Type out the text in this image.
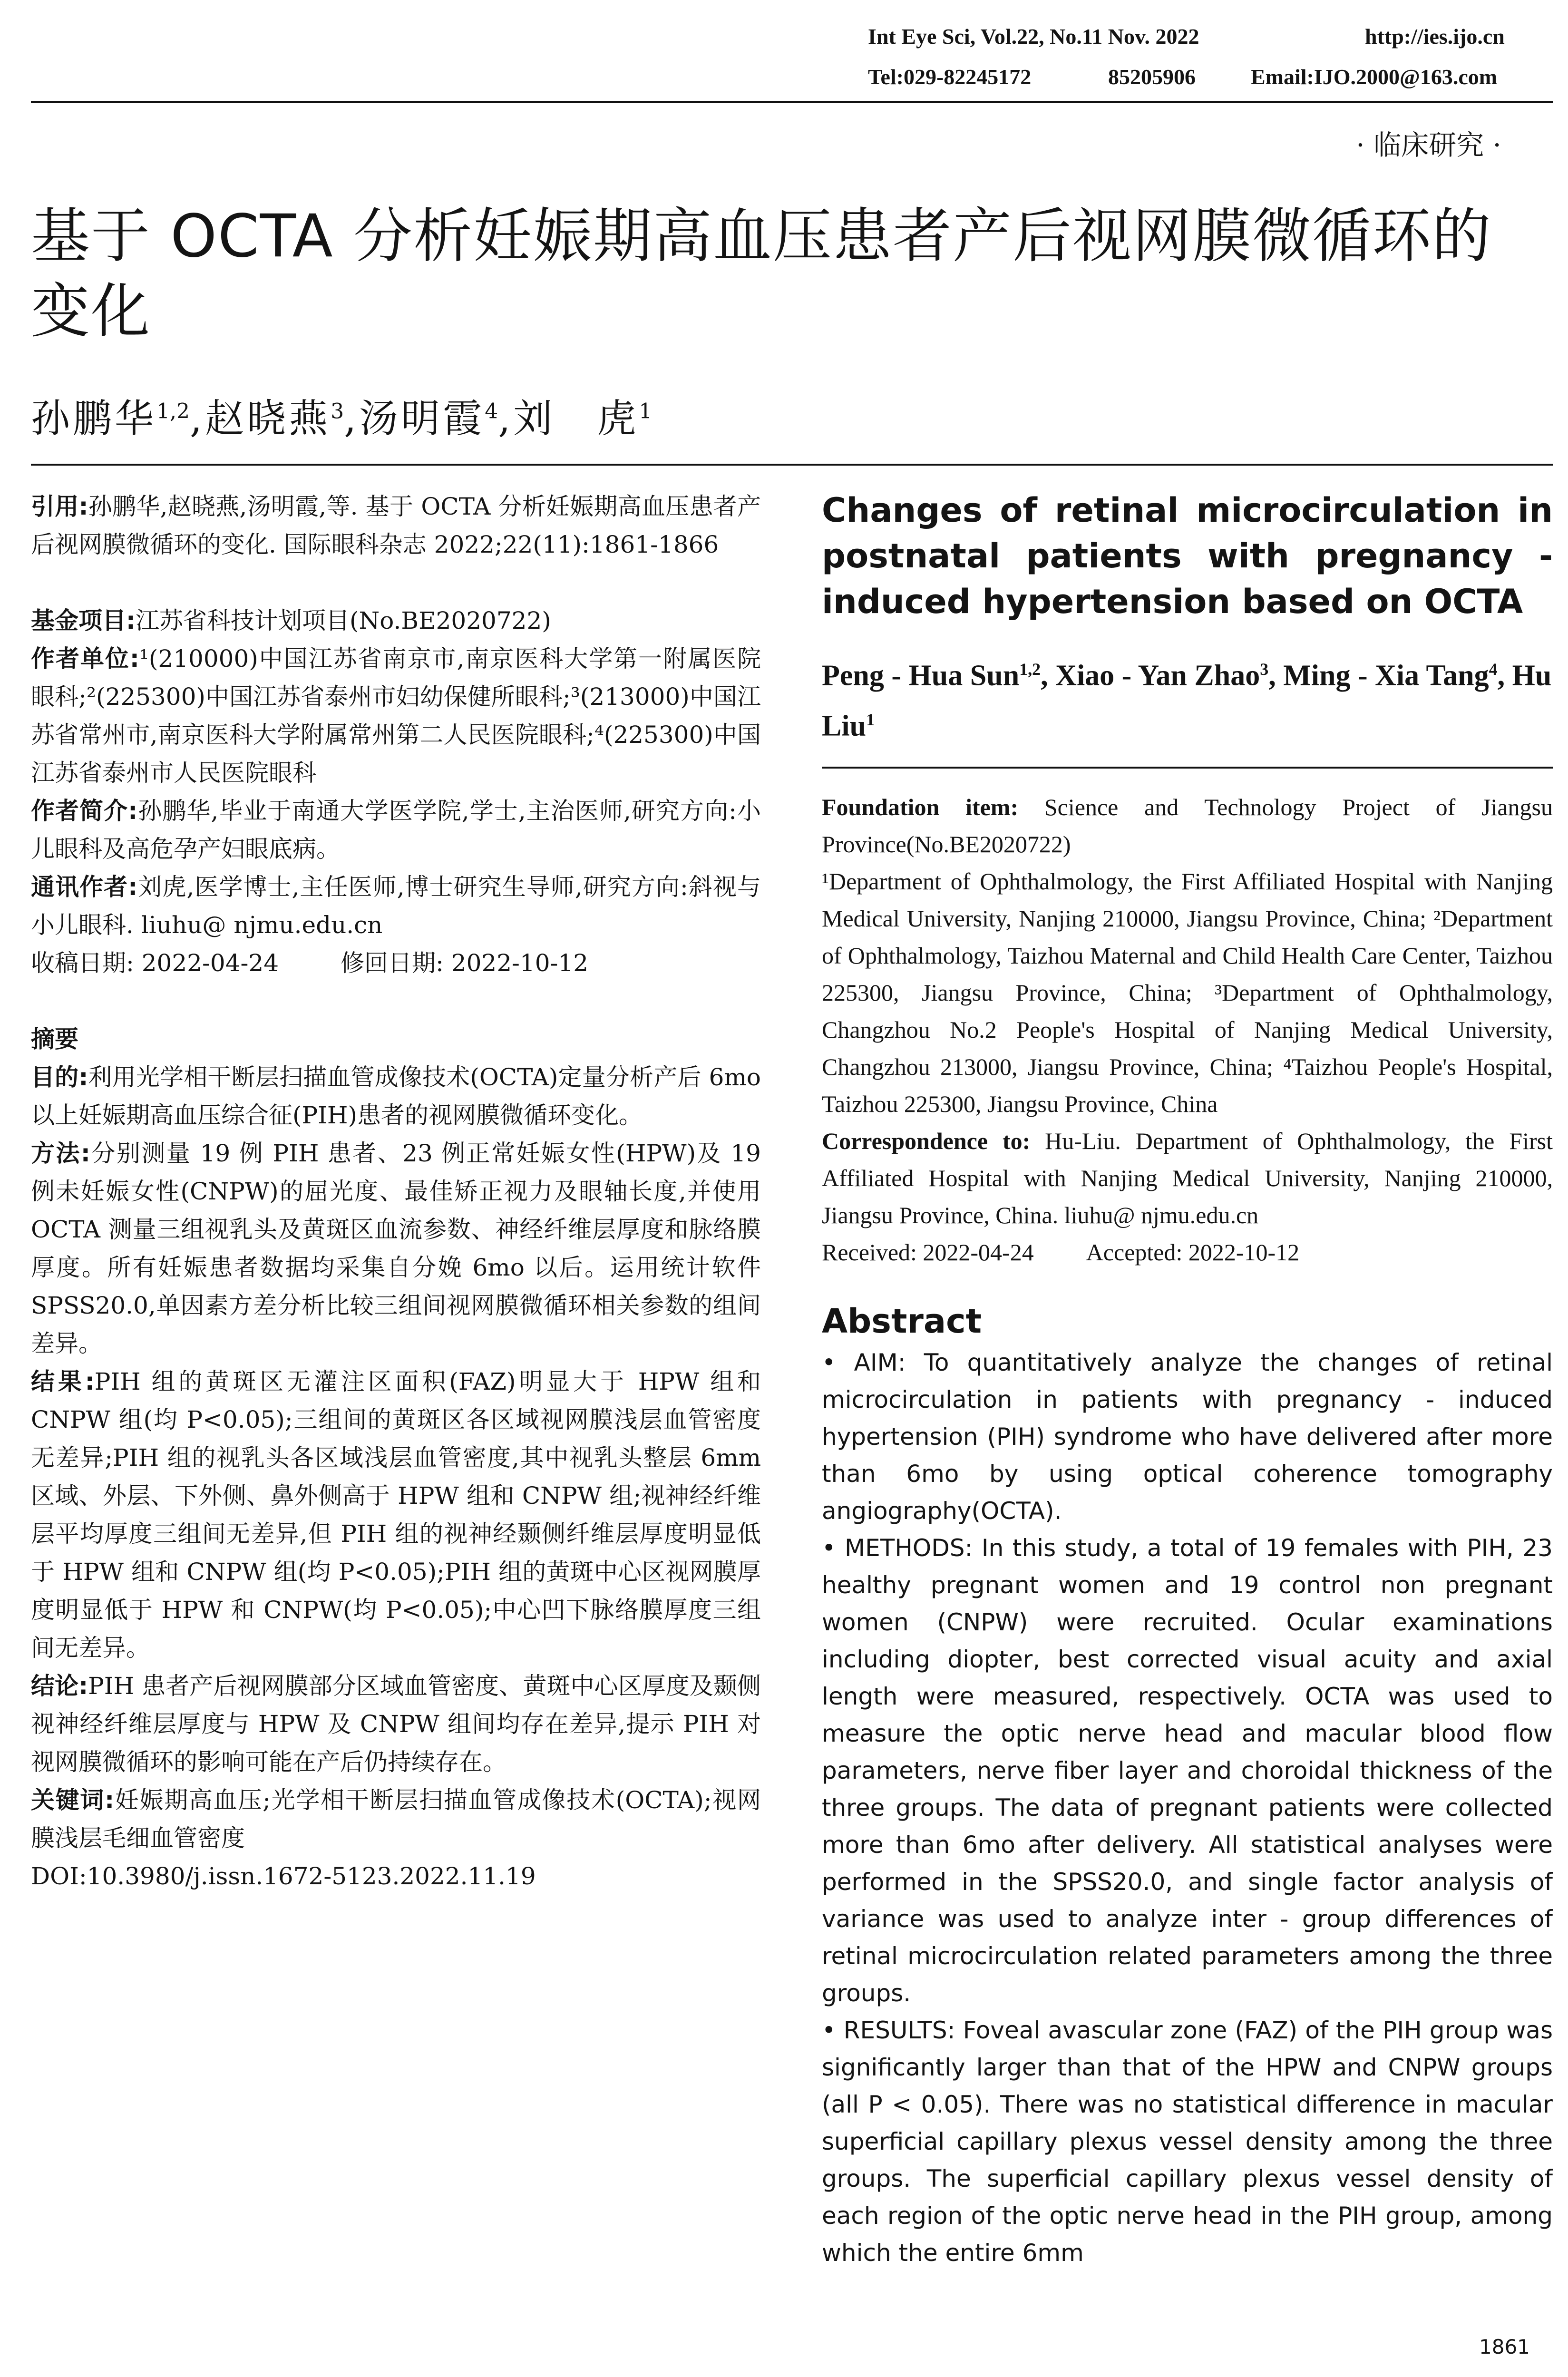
Int Eye Sci, Vol.22, No.11 Nov. 2022	http://ies.ijo.cn
Tel:029-82245172	85205906	Email:IJO.2000@163.com
· 临床研究 ·
基于 OCTA 分析妊娠期高血压患者产后视网膜微循环的变化
孙鹏华$^{1,2}$,赵晓燕$^3$,汤明霞$^4$,刘　虎$^1$

引用:孙鹏华,赵晓燕,汤明霞,等. 基于 OCTA 分析妊娠期高血压患者产后视网膜微循环的变化. 国际眼科杂志 2022;22(11):1861-1866

基金项目:江苏省科技计划项目(No.BE2020722)

作者单位:¹(210000)中国江苏省南京市,南京医科大学第一附属医院眼科;²(225300)中国江苏省泰州市妇幼保健所眼科;³(213000)中国江苏省常州市,南京医科大学附属常州第二人民医院眼科;⁴(225300)中国江苏省泰州市人民医院眼科

作者简介:孙鹏华,毕业于南通大学医学院,学士,主治医师,研究方向:小儿眼科及高危孕产妇眼底病。

通讯作者:刘虎,医学博士,主任医师,博士研究生导师,研究方向:斜视与小儿眼科. liuhu@ njmu.edu.cn

收稿日期: 2022-04-24	修回日期: 2022-10-12

摘要

目的:利用光学相干断层扫描血管成像技术(OCTA)定量分析产后 6mo 以上妊娠期高血压综合征(PIH)患者的视网膜微循环变化。

方法:分别测量 19 例 PIH 患者、23 例正常妊娠女性(HPW)及 19 例未妊娠女性(CNPW)的屈光度、最佳矫正视力及眼轴长度,并使用 OCTA 测量三组视乳头及黄斑区血流参数、神经纤维层厚度和脉络膜厚度。所有妊娠患者数据均采集自分娩 6mo 以后。运用统计软件 SPSS20.0,单因素方差分析比较三组间视网膜微循环相关参数的组间差异。

结果:PIH 组的黄斑区无灌注区面积(FAZ)明显大于 HPW 组和 CNPW 组(均 P<0.05);三组间的黄斑区各区域视网膜浅层血管密度无差异;PIH 组的视乳头各区域浅层血管密度,其中视乳头整层 6mm 区域、外层、下外侧、鼻外侧高于 HPW 组和 CNPW 组;视神经纤维层平均厚度三组间无差异,但 PIH 组的视神经颞侧纤维层厚度明显低于 HPW 组和 CNPW 组(均 P<0.05);PIH 组的黄斑中心区视网膜厚度明显低于 HPW 和 CNPW(均 P<0.05);中心凹下脉络膜厚度三组间无差异。

结论:PIH 患者产后视网膜部分区域血管密度、黄斑中心区厚度及颞侧视神经纤维层厚度与 HPW 及 CNPW 组间均存在差异,提示 PIH 对视网膜微循环的影响可能在产后仍持续存在。

关键词:妊娠期高血压;光学相干断层扫描血管成像技术(OCTA);视网膜浅层毛细血管密度

DOI:10.3980/j.issn.1672-5123.2022.11.19

Changes of retinal microcirculation in postnatal patients with pregnancy - induced hypertension based on OCTA
Peng - Hua Sun$^{1,2}$, Xiao - Yan Zhao$^3$, Ming - Xia Tang$^4$, Hu Liu$^1$

Foundation item: Science and Technology Project of Jiangsu Province(No.BE2020722)

¹Department of Ophthalmology, the First Affiliated Hospital with Nanjing Medical University, Nanjing 210000, Jiangsu Province, China; ²Department of Ophthalmology, Taizhou Maternal and Child Health Care Center, Taizhou 225300, Jiangsu Province, China; ³Department of Ophthalmology, Changzhou No.2 People's Hospital of Nanjing Medical University, Changzhou 213000, Jiangsu Province, China; ⁴Taizhou People's Hospital, Taizhou 225300, Jiangsu Province, China

Correspondence to: Hu-Liu. Department of Ophthalmology, the First Affiliated Hospital with Nanjing Medical University, Nanjing 210000, Jiangsu Province, China. liuhu@ njmu.edu.cn

Received: 2022-04-24 Accepted: 2022-10-12

Abstract

• AIM: To quantitatively analyze the changes of retinal microcirculation in patients with pregnancy - induced hypertension (PIH) syndrome who have delivered after more than 6mo by using optical coherence tomography angiography(OCTA).

• METHODS: In this study, a total of 19 females with PIH, 23 healthy pregnant women and 19 control non pregnant women (CNPW) were recruited. Ocular examinations including diopter, best corrected visual acuity and axial length were measured, respectively. OCTA was used to measure the optic nerve head and macular blood flow parameters, nerve fiber layer and choroidal thickness of the three groups. The data of pregnant patients were collected more than 6mo after delivery. All statistical analyses were performed in the SPSS20.0, and single factor analysis of variance was used to analyze inter - group differences of retinal microcirculation related parameters among the three groups.

• RESULTS: Foveal avascular zone (FAZ) of the PIH group was significantly larger than that of the HPW and CNPW groups (all P < 0.05). There was no statistical difference in macular superficial capillary plexus vessel density among the three groups. The superficial capillary plexus vessel density of each region of the optic nerve head in the PIH group, among which the entire 6mm

1861
